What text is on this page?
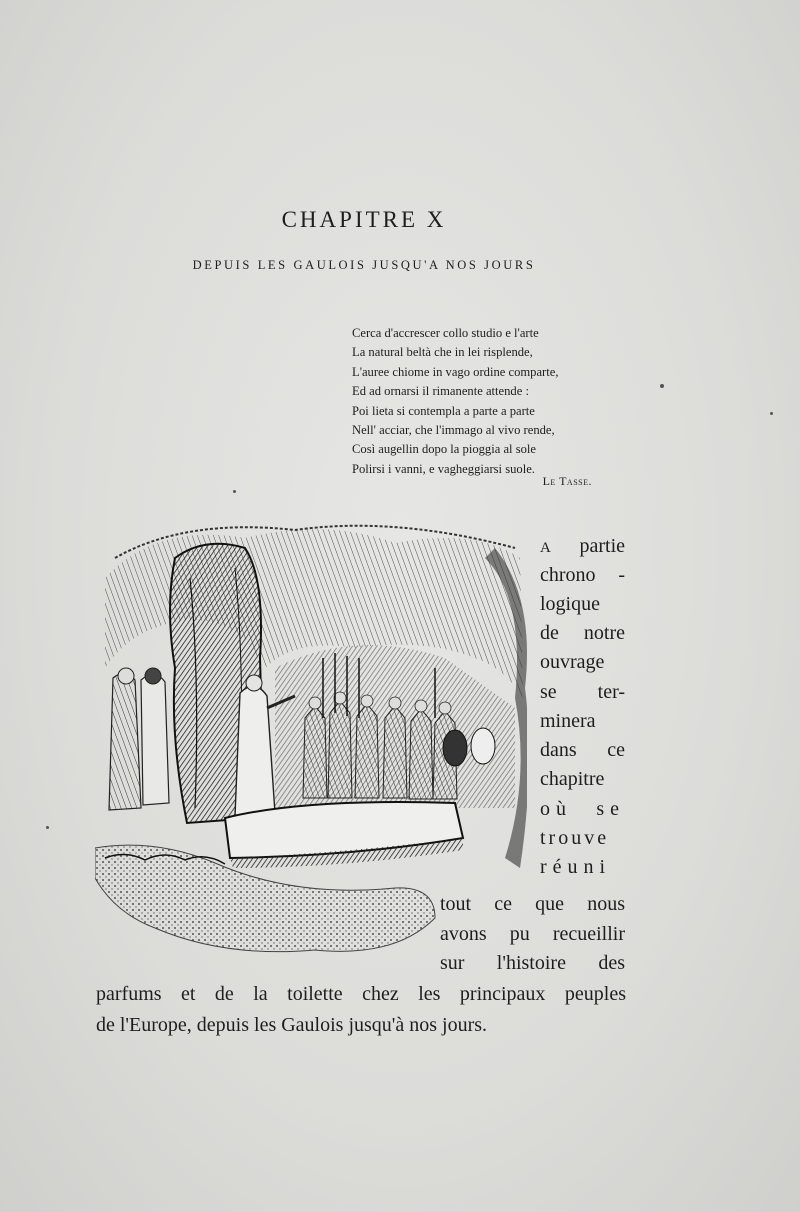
CHAPITRE X
DEPUIS LES GAULOIS JUSQU'A NOS JOURS
Cerca d'accrescer collo studio e l'arte
La natural beltà che in lei risplende,
L'auree chiome in vago ordine comparte,
Ed ad ornarsi il rimanente attende :
Poi lieta si contempla a parte a parte
Nell' acciar, che l'immago al vivo rende,
Così augellin dopo la pioggia al sole
Polirsi i vanni, e vagheggiarsi suole.
Le Tasse.
A partie
chrono -
logique
de notre
ouvrage
se ter-
minera
dans ce
chapitre
où se
trouve
réuni
tout ce que nous
avons pu recueillir
sur l'histoire des
parfums et de la toilette chez les principaux peuples
de l'Europe, depuis les Gaulois jusqu'à nos jours.
